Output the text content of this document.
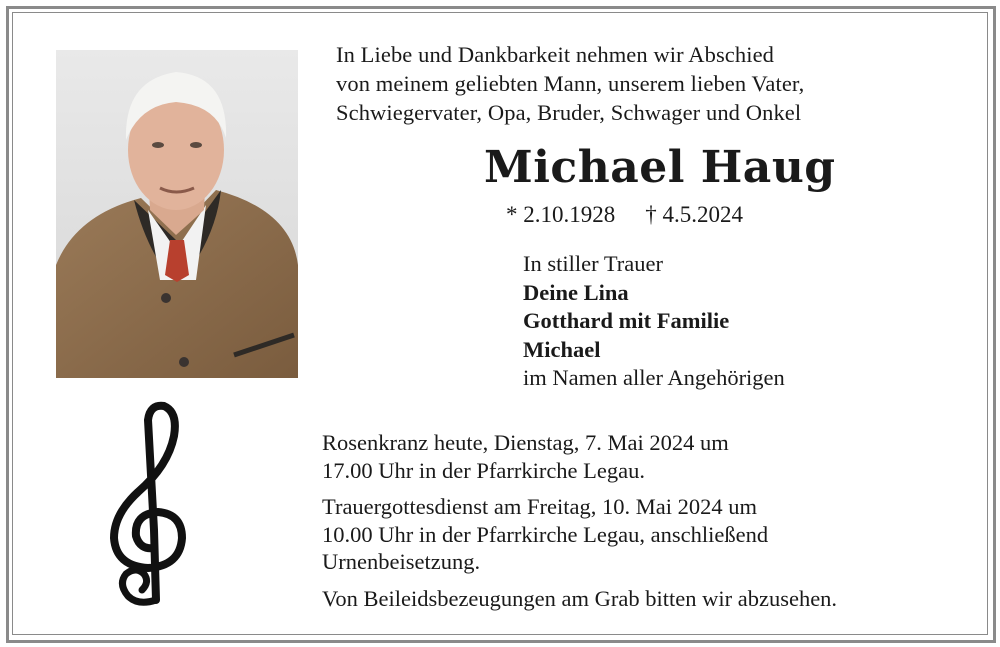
In Liebe und Dankbarkeit nehmen wir Abschied
von meinem geliebten Mann, unserem lieben Vater,
Schwiegervater, Opa, Bruder, Schwager und Onkel
Michael Haug
* 2.10.1928 † 4.5.2024
In stiller Trauer
Deine Lina
Gotthard mit Familie
Michael
im Namen aller Angehörigen

Rosenkranz heute, Dienstag, 7. Mai 2024 um
17.00 Uhr in der Pfarrkirche Legau.

Trauergottesdienst am Freitag, 10. Mai 2024 um
10.00 Uhr in der Pfarrkirche Legau, anschließend
Urnenbeisetzung.

Von Beileidsbezeugungen am Grab bitten wir abzusehen.
